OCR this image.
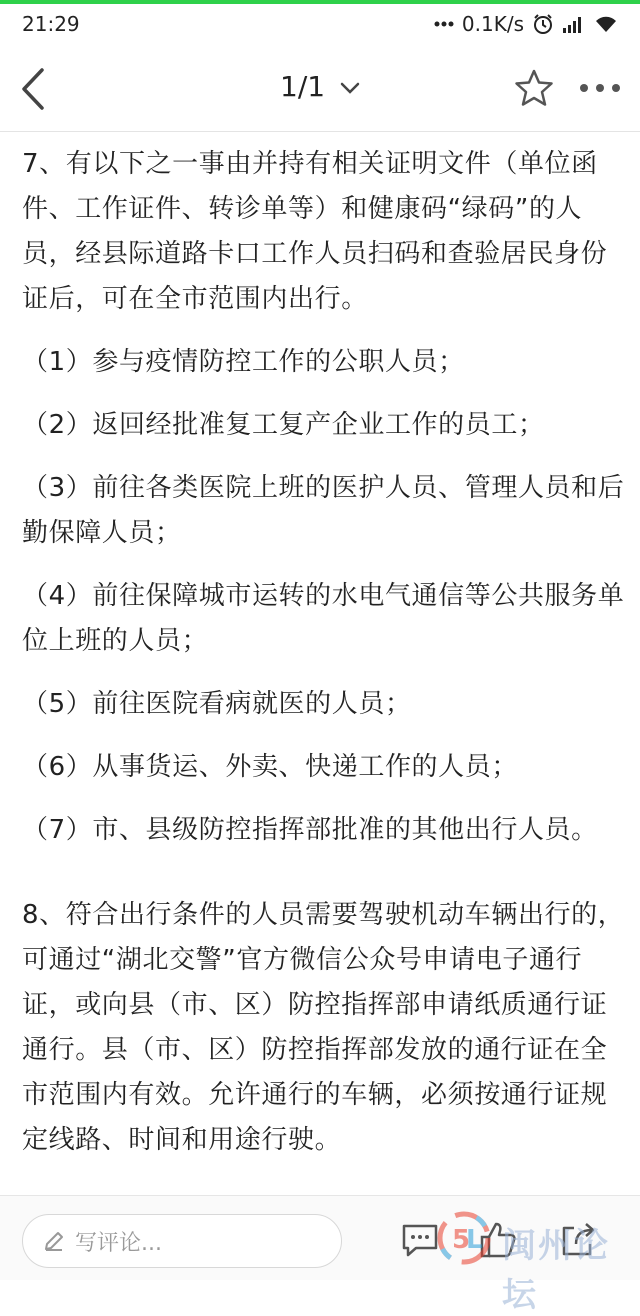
21:29	0.1K/s
1/1

7、有以下之一事由并持有相关证明文件（单位函件、工作证件、转诊单等）和健康码“绿码”的人员，经县际道路卡口工作人员扫码和查验居民身份证后，可在全市范围内出行。

（1）参与疫情防控工作的公职人员；

（2）返回经批准复工复产企业工作的员工；

（3）前往各类医院上班的医护人员、管理人员和后勤保障人员；

（4）前往保障城市运转的水电气通信等公共服务单位上班的人员；

（5）前往医院看病就医的人员；

（6）从事货运、外卖、快递工作的人员；

（7）市、县级防控指挥部批准的其他出行人员。

8、符合出行条件的人员需要驾驶机动车辆出行的，可通过“湖北交警”官方微信公众号申请电子通行证，或向县（市、区）防控指挥部申请纸质通行证通行。县（市、区）防控指挥部发放的通行证在全市范围内有效。允许通行的车辆，必须按通行证规定线路、时间和用途行驶。

写评论...	5
L 闽州论坛
